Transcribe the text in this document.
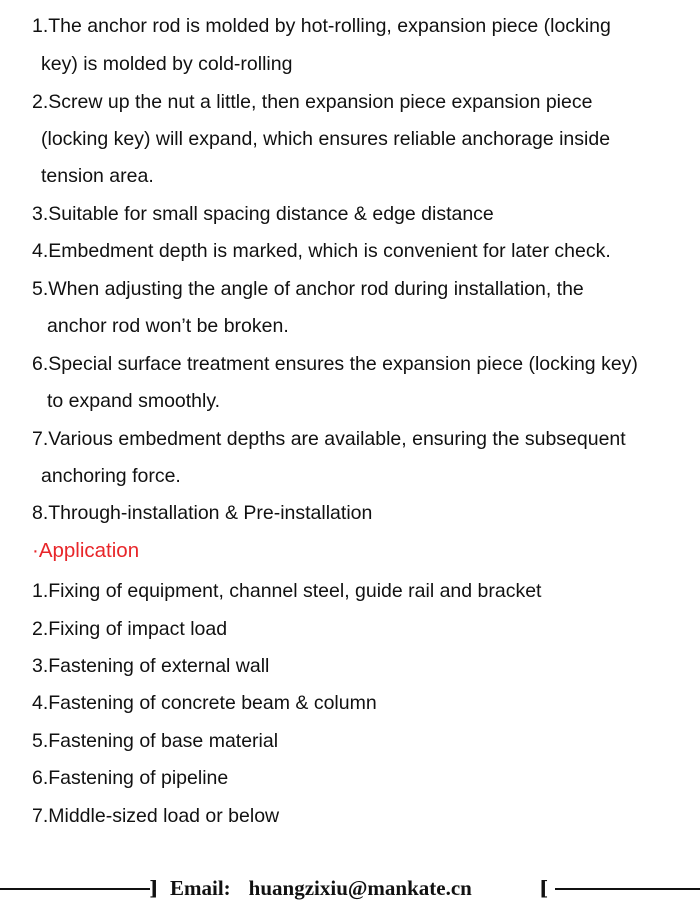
1.The anchor rod is molded by hot-rolling, expansion piece (locking
key) is molded by cold-rolling
2.Screw up the nut a little, then expansion piece expansion piece
(locking key) will expand, which ensures reliable anchorage inside
tension area.
3.Suitable for small spacing distance & edge distance
4.Embedment depth is marked, which is convenient for later check.
5.When adjusting the angle of anchor rod during installation, the
anchor rod won’t be broken.
6.Special surface treatment ensures the expansion piece (locking key)
to expand smoothly.
7.Various embedment depths are available, ensuring the subsequent
anchoring force.
8.Through-installation & Pre-installation
·Application
1.Fixing of equipment, channel steel, guide rail and bracket
2.Fixing of impact load
3.Fastening of external wall
4.Fastening of concrete beam & column
5.Fastening of base material
6.Fastening of pipeline
7.Middle-sized load or below
] Email: huangzixiu@mankate.cn	[
